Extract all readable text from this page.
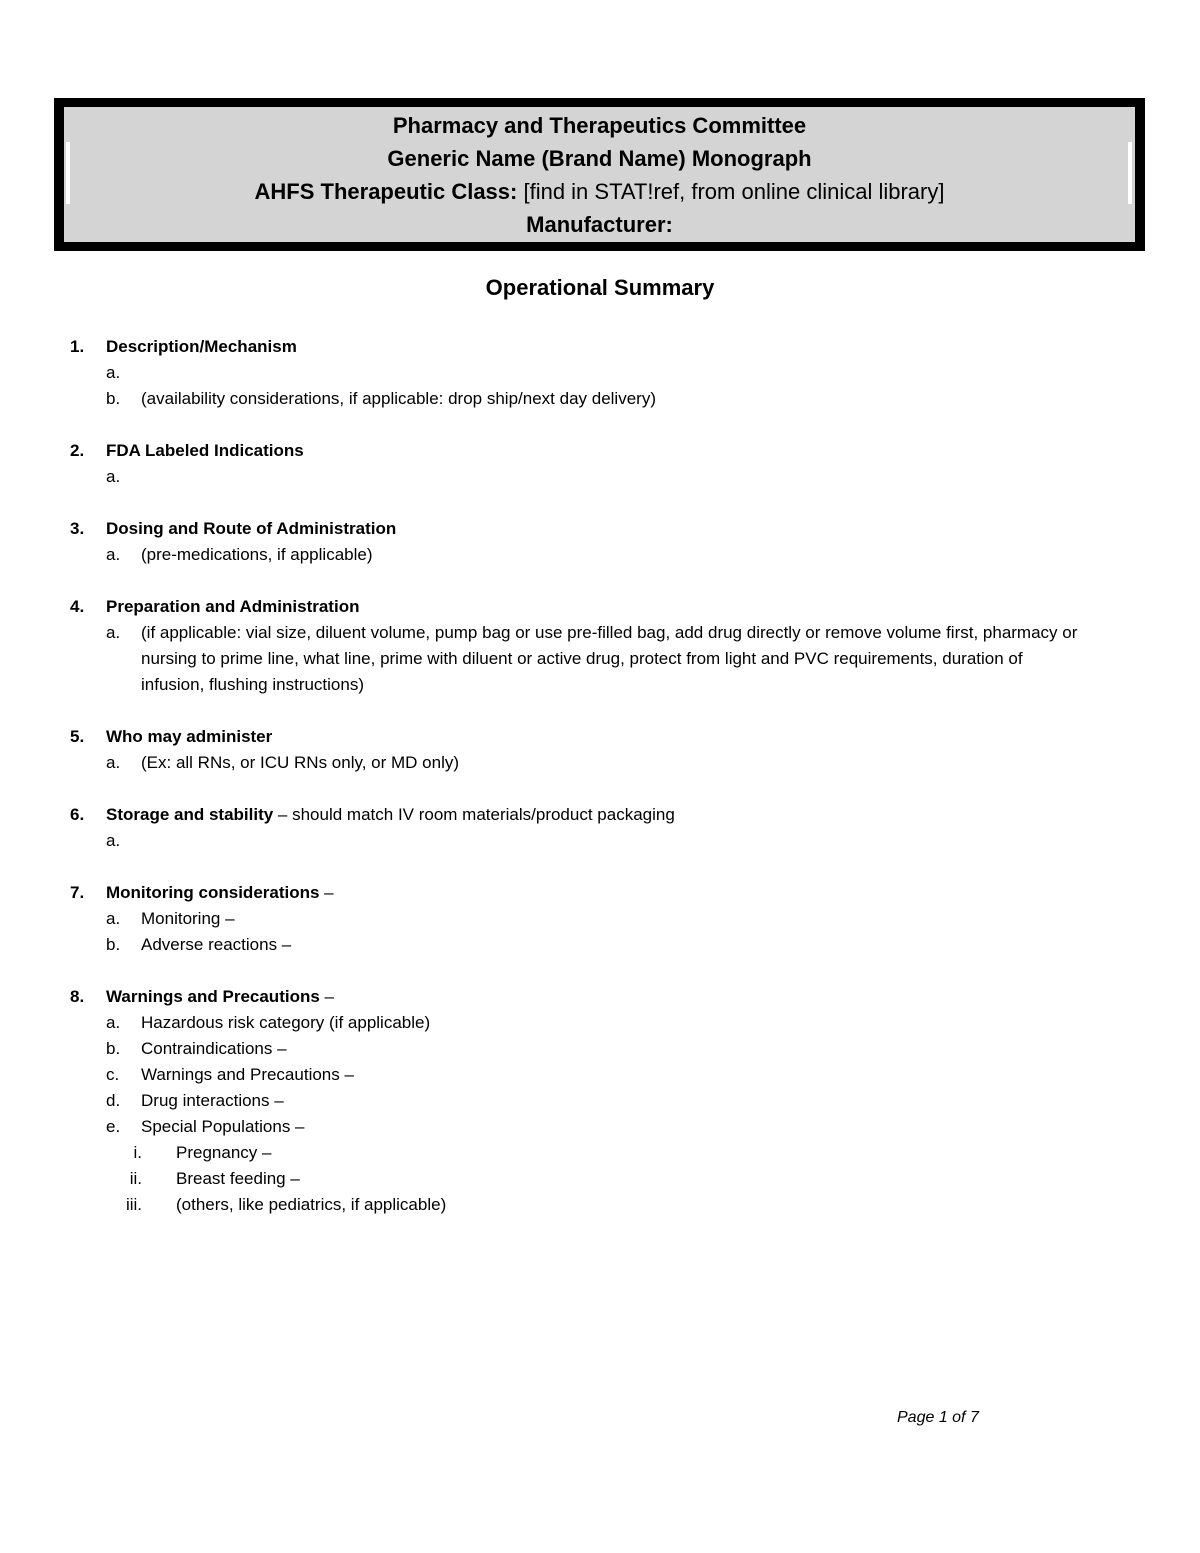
Pharmacy and Therapeutics Committee
Generic Name (Brand Name) Monograph
AHFS Therapeutic Class: [find in STAT!ref, from online clinical library]
Manufacturer:
Operational Summary
1.	Description/Mechanism
a.

b. (availability considerations, if applicable: drop ship/next day delivery)
2.	FDA Labeled Indications
a.

3.	Dosing and Route of Administration
a. (pre-medications, if applicable)
4.	Preparation and Administration
a. (if applicable: vial size, diluent volume, pump bag or use pre-filled bag, add drug directly or remove volume first, pharmacy or nursing to prime line, what line, prime with diluent or active drug, protect from light and PVC requirements, duration of infusion, flushing instructions)
5.	Who may administer
a. (Ex: all RNs, or ICU RNs only, or MD only)
6.	Storage and stability – should match IV room materials/product packaging
a.

7.	Monitoring considerations –
a. Monitoring –
b. Adverse reactions –
8.	Warnings and Precautions –
a. Hazardous risk category (if applicable)
b. Contraindications –
c. Warnings and Precautions –
d. Drug interactions –
e. Special Populations –
i. Pregnancy –
ii. Breast feeding –
iii. (others, like pediatrics, if applicable)
Page 1 of 7
